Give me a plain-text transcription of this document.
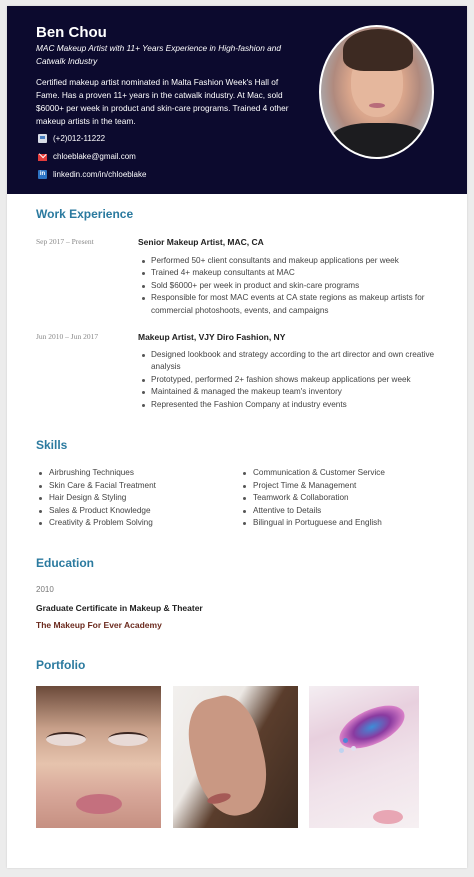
Ben Chou
MAC Makeup Artist with 11+ Years Experience in High-fashion and Catwalk Industry
Certified makeup artist nominated in Malta Fashion Week's Hall of Fame. Has a proven 11+ years in the catwalk industry. At Mac, sold $6000+ per week in product and skin-care programs. Trained 4 other makeup artists in the team.
(+2)012-11222
chloeblake@gmail.com
in linkedin.com/in/chloeblake
Work Experience
Sep 2017 – Present	Senior Makeup Artist, MAC, CA
Performed 50+ client consultants and makeup applications per week
Trained 4+ makeup consultants at MAC
Sold $6000+ per week in product and skin-care programs
Responsible for most MAC events at CA state regions as makeup artists for commercial photoshoots, events, and campaigns
Jun 2010 – Jun 2017	Makeup Artist, VJY Diro Fashion, NY
Designed lookbook and strategy according to the art director and own creative analysis
Prototyped, performed 2+ fashion shows makeup applications per week
Maintained & managed the makeup team's inventory
Represented the Fashion Company at industry events
Skills
Airbrushing Techniques
Skin Care & Facial Treatment
Hair Design & Styling
Sales & Product Knowledge
Creativity & Problem Solving
Communication & Customer Service
Project Time & Management
Teamwork & Collaboration
Attentive to Details
Bilingual in Portuguese and English
Education
2010
Graduate Certificate in Makeup & Theater
The Makeup For Ever Academy
Portfolio
